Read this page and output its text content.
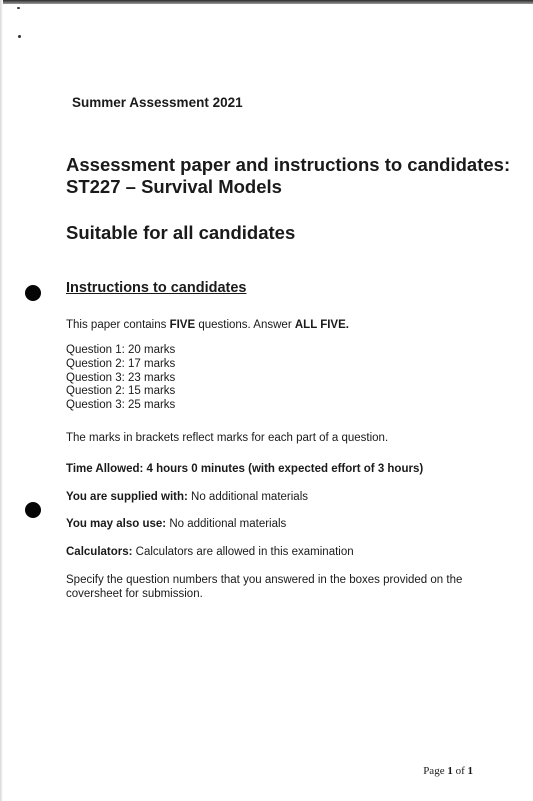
Summer Assessment 2021
Assessment paper and instructions to candidates:
ST227 – Survival Models
Suitable for all candidates
Instructions to candidates

This paper contains FIVE questions. Answer ALL FIVE.

Question 1: 20 marks
Question 2: 17 marks
Question 3: 23 marks
Question 2: 15 marks
Question 3: 25 marks

The marks in brackets reflect marks for each part of a question.

Time Allowed: 4 hours 0 minutes (with expected effort of 3 hours)

You are supplied with: No additional materials

You may also use: No additional materials

Calculators: Calculators are allowed in this examination

Specify the question numbers that you answered in the boxes provided on the
coversheet for submission.

Page 1 of 1
